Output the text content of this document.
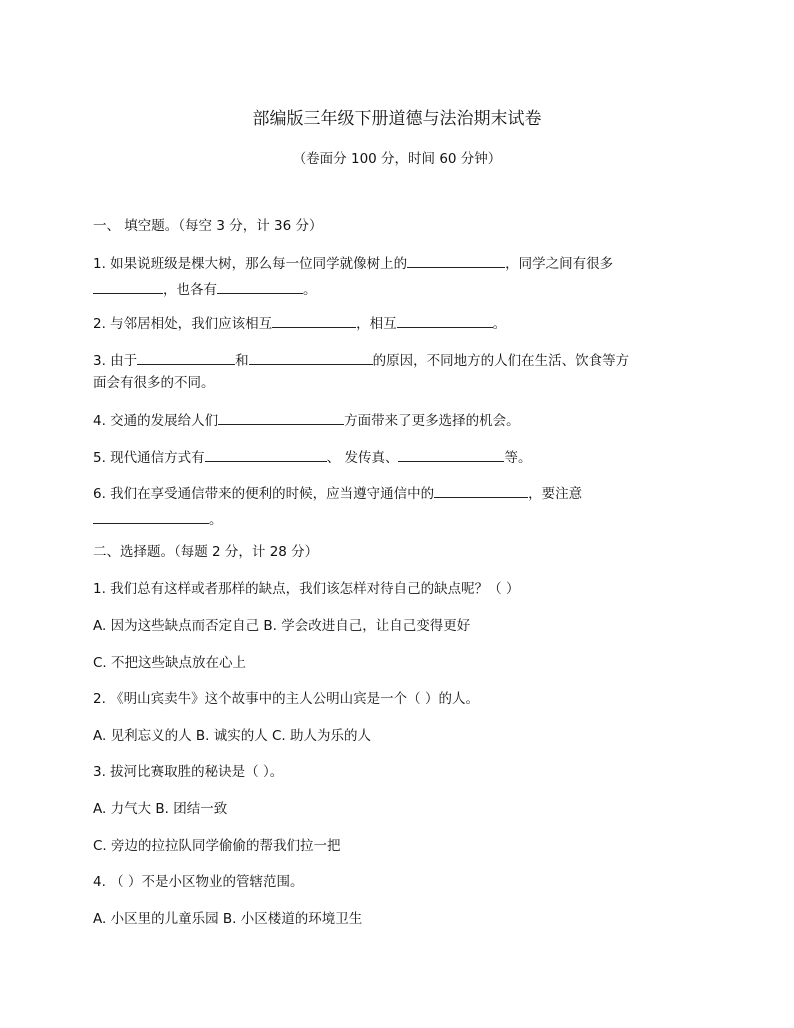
部编版三年级下册道德与法治期末试卷
（卷面分 100 分，时间 60 分钟）
一、 填空题。（每空 3 分，计 36 分）
1. 如果说班级是棵大树，那么每一位同学就像树上的	，同学之间有很多
，也各有	。
2. 与邻居相处，我们应该相互	，相互	。
3. 由于	和	的原因，不同地方的人们在生活、饮食等方
面会有很多的不同。
4. 交通的发展给人们	方面带来了更多选择的机会。
5. 现代通信方式有	、 发传真、	等。
6. 我们在享受通信带来的便利的时候，应当遵守通信中的	，要注意
。
二、选择题。（每题 2 分，计 28 分）
1. 我们总有这样或者那样的缺点，我们该怎样对待自己的缺点呢？（ ）
A. 因为这些缺点而否定自己 B. 学会改进自己，让自己变得更好
C. 不把这些缺点放在心上
2. 《明山宾卖牛》这个故事中的主人公明山宾是一个（ ）的人。
A. 见利忘义的人 B. 诚实的人 C. 助人为乐的人
3. 拔河比赛取胜的秘诀是（ ）。
A. 力气大 B. 团结一致
C. 旁边的拉拉队同学偷偷的帮我们拉一把
4. （ ）不是小区物业的管辖范围。
A. 小区里的儿童乐园 B. 小区楼道的环境卫生
